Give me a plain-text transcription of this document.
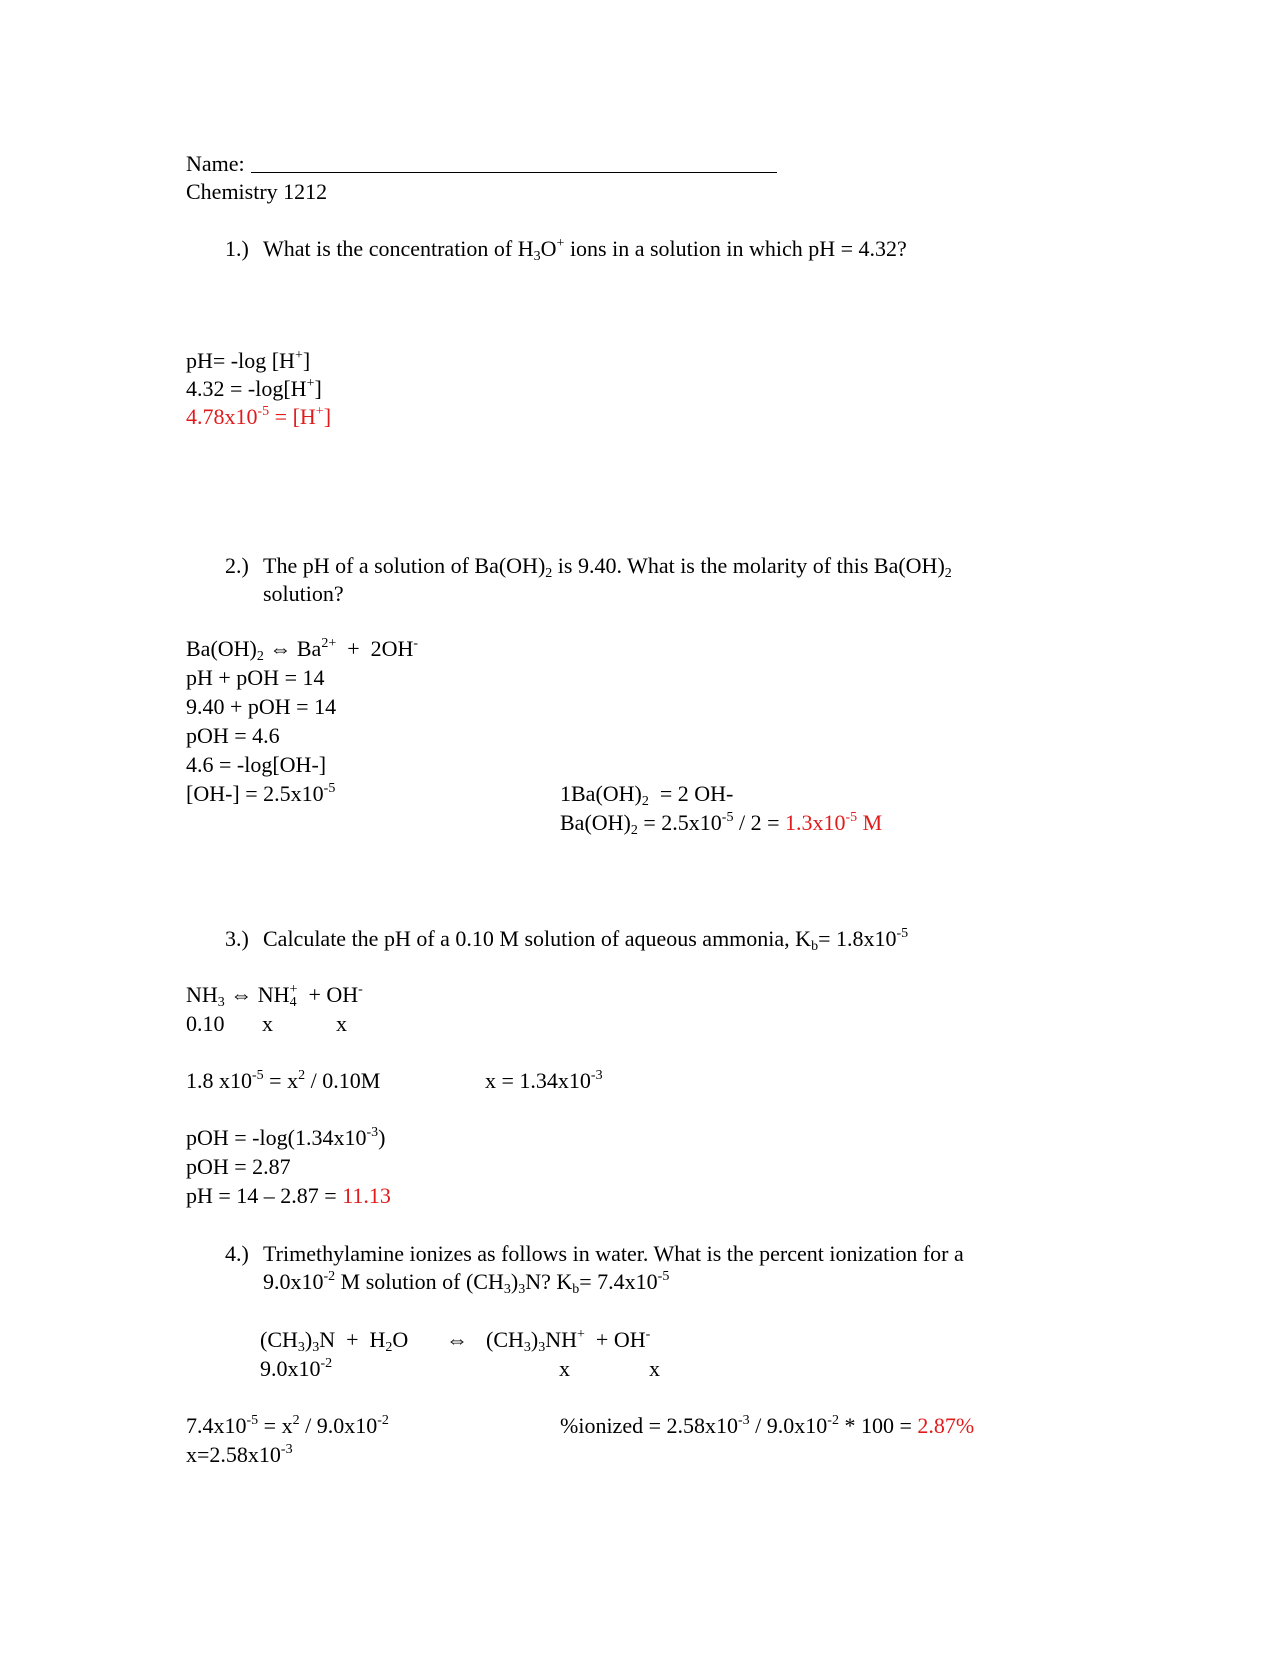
Name:
Chemistry 1212
1.) What is the concentration of $H_3O^+$ ions in a solution in which pH = 4.32?
pH= -log [H+]
4.32 = -log[H+]
$4.78x10^{-5} = [H^+]$
2.) The pH of a solution of $Ba(OH)_2$ is 9.40. What is the molarity of this $Ba(OH)_2$
solution?
$Ba(OH)_2$ ⇔ $Ba^{2+} + 2OH^-$
pH + pOH = 14
9.40 + pOH = 14
pOH = 4.6
4.6 = -log[OH-]
$[OH-] = 2.5x10^{-5}$	$1Ba(OH)_2 = 2$ OH-
$Ba(OH)_2 = 2.5x10^{-5} / 2 = 1.3x10^{-5}$ M
3.) Calculate the pH of a 0.10 M solution of aqueous ammonia, $K_b= 1.8x10^{-5}$
$NH_3$ ⇔ $NH_4^+ + OH^-$
0.10 x	x
1.8 $x10^{-5} = x^2 / 0.10M$	$x = 1.34x10^{-3}$
pOH = $-\log(1.34x10^{-3})$
pOH = 2.87
pH = 14 – 2.87 = 11.13
4.) Trimethylamine ionizes as follows in water. What is the percent ionization for a
$9.0x10^{-2}$ M solution of $(CH_3)_3N$? $K_b= 7.4x10^{-5}$
$(CH_3)_3N + H_2O$ ⇔ $(CH_3)_3NH^+ + OH^-$
$9.0x10^{-2}$	x	x
$7.4x10^{-5} = x^2 / 9.0x10^{-2}$
$x=2.58x10^{-3}$
%ionized = $2.58x10^{-3} / 9.0x10^{-2} * 100 = 2.87\%$
